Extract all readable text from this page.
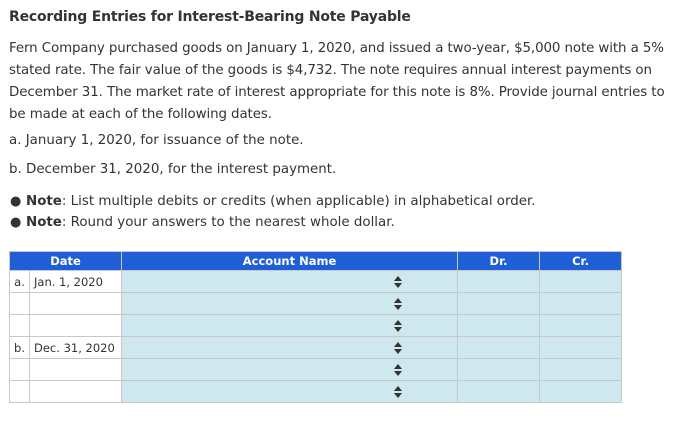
Recording Entries for Interest-Bearing Note Payable
Fern Company purchased goods on January 1, 2020, and issued a two-year, $5,000 note with a 5% stated rate. The fair value of the goods is $4,732. The note requires annual interest payments on December 31. The market rate of interest appropriate for this note is 8%. Provide journal entries to be made at each of the following dates.
a. January 1, 2020, for issuance of the note.
b. December 31, 2020, for the interest payment.
● Note : List multiple debits or credits (when applicable) in alphabetical order.
● Note : Round your answers to the nearest whole dollar.
Date		Account Name	Dr.	Cr.
a.	Jan. 1, 2020	

b.	Dec. 31, 2020	
